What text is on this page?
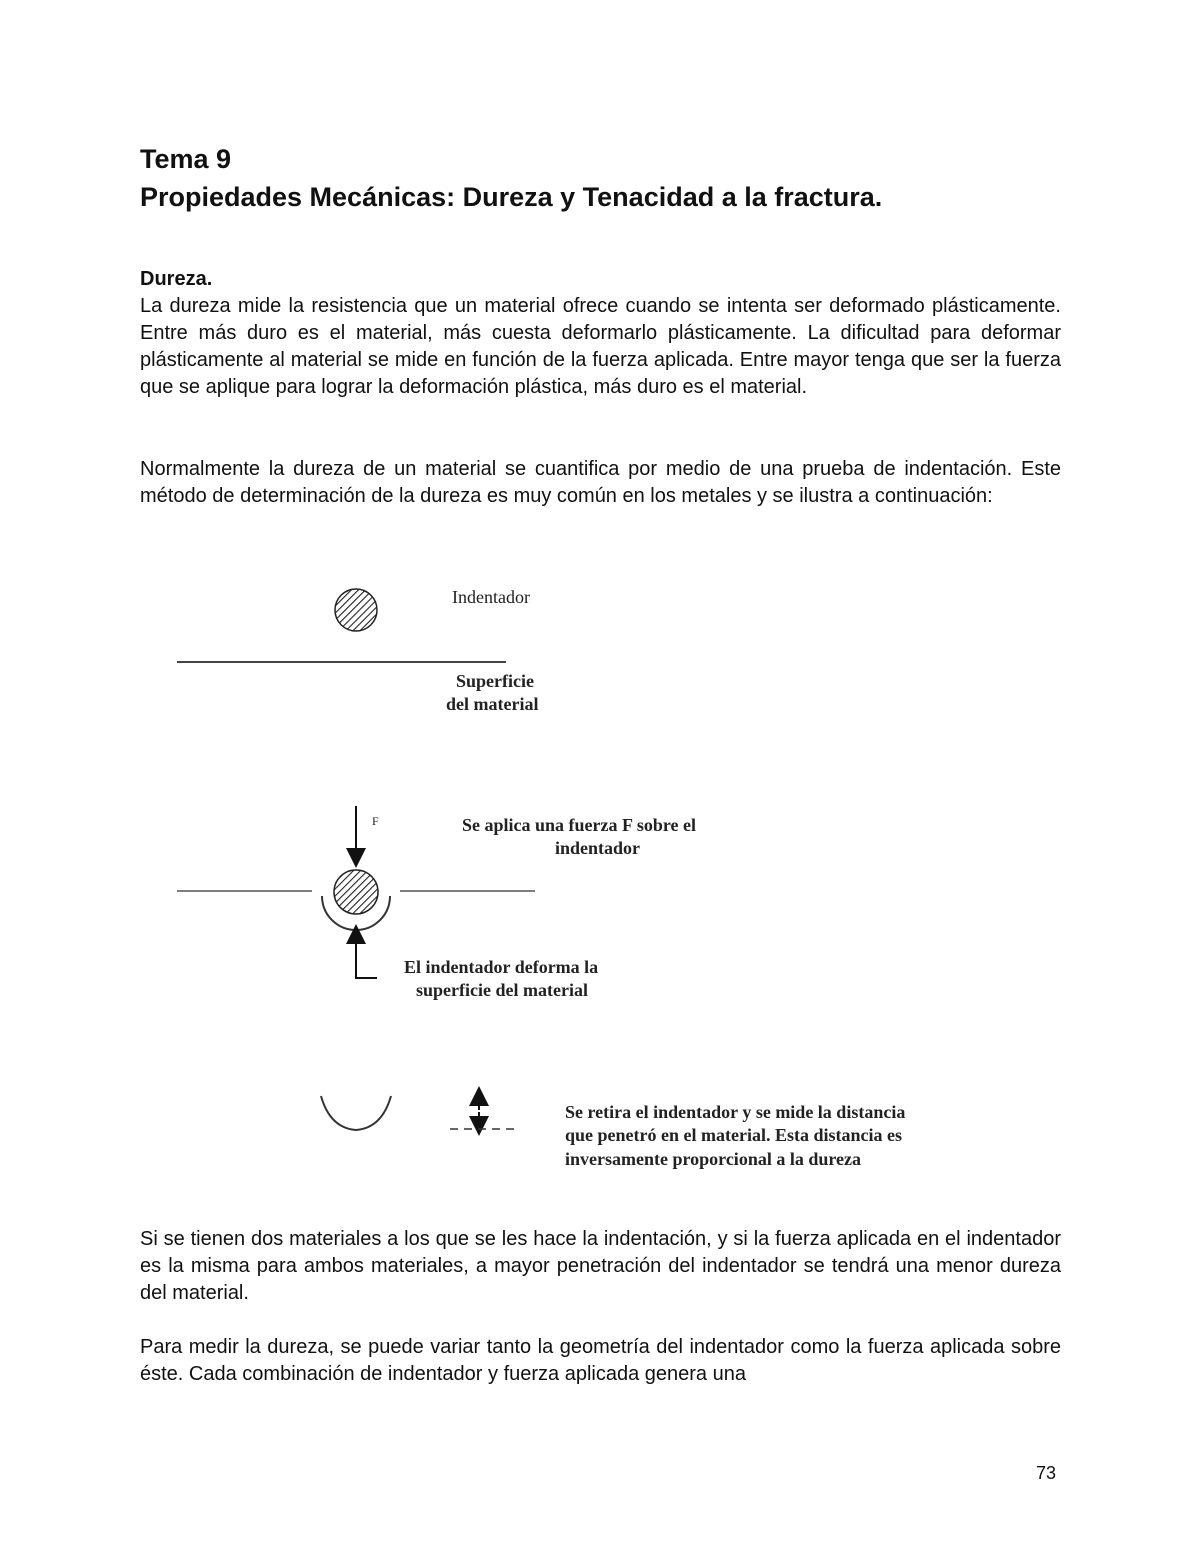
Tema 9

Propiedades Mecánicas: Dureza y Tenacidad a la fractura.

Dureza.

La dureza mide la resistencia que un material ofrece cuando se intenta ser deformado plásticamente. Entre más duro es el material, más cuesta deformarlo plásticamente. La dificultad para deformar plásticamente al material se mide en función de la fuerza aplicada. Entre mayor tenga que ser la fuerza que se aplique para lograr la deformación plástica, más duro es el material.

Normalmente la dureza de un material se cuantifica por medio de una prueba de indentación. Este método de determinación de la dureza es muy común en los metales y se ilustra a continuación:

Indentador
Superficie
del material
F	Se aplica una fuerza F sobre el
indentador
El indentador deforma la
superficie del material
Se retira el indentador y se mide la distancia
que penetró en el material. Esta distancia es
inversamente proporcional a la dureza

Si se tienen dos materiales a los que se les hace la indentación, y si la fuerza aplicada en el indentador es la misma para ambos materiales, a mayor penetración del indentador se tendrá una menor dureza del material.

Para medir la dureza, se puede variar tanto la geometría del indentador como la fuerza aplicada sobre éste. Cada combinación de indentador y fuerza aplicada genera una

73
